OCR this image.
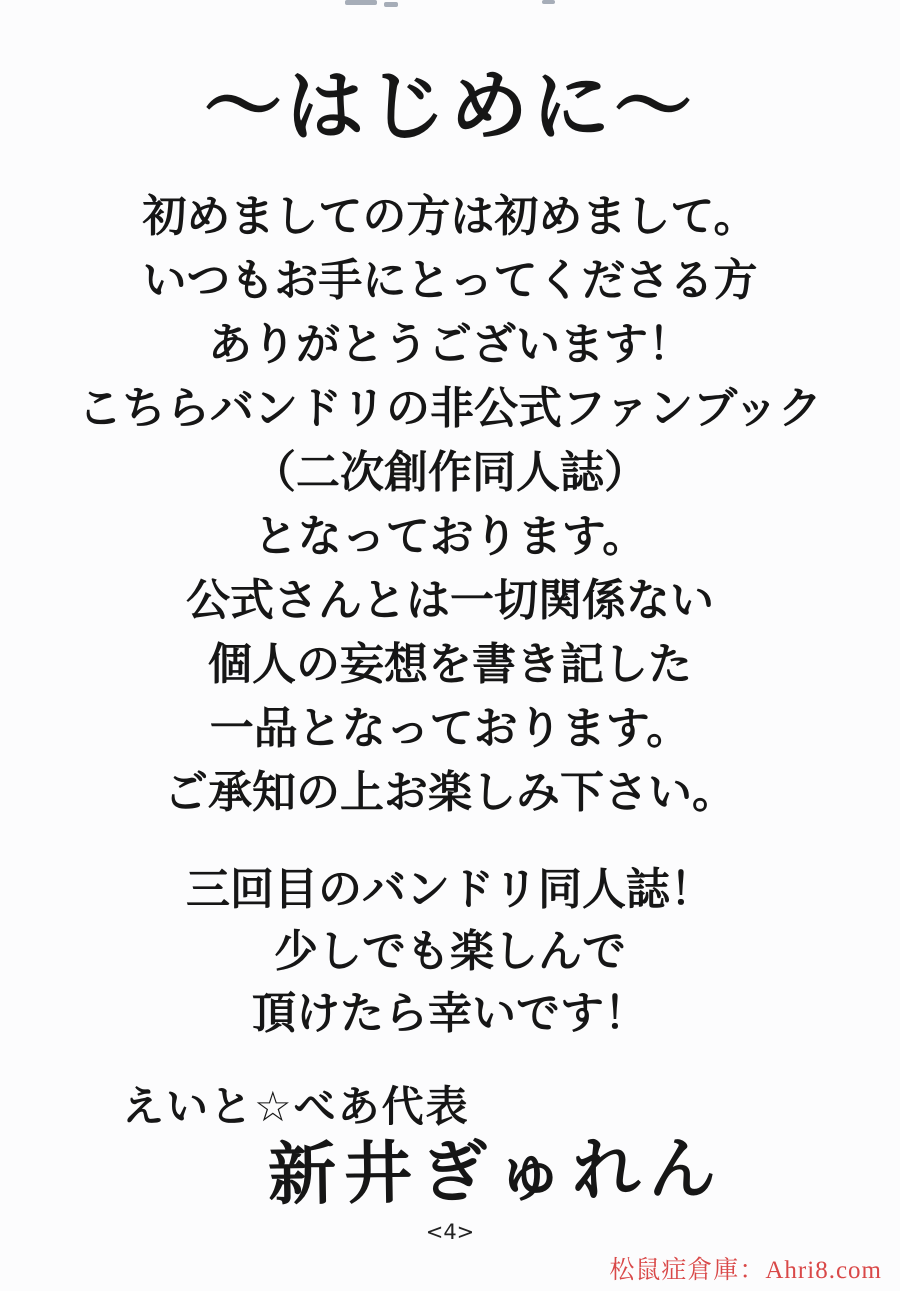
～はじめに～
初めましての方は初めまして。
いつもお手にとってくださる方
ありがとうございます！
こちらバンドリの非公式ファンブック
（二次創作同人誌）
となっております。
公式さんとは一切関係ない
個人の妄想を書き記した
一品となっております。
ご承知の上お楽しみ下さい。
三回目のバンドリ同人誌！
少しでも楽しんで
頂けたら幸いです！
えいと☆べあ代表
新井ぎゅれん
<4>
松鼠症倉庫：Ahri8.com
